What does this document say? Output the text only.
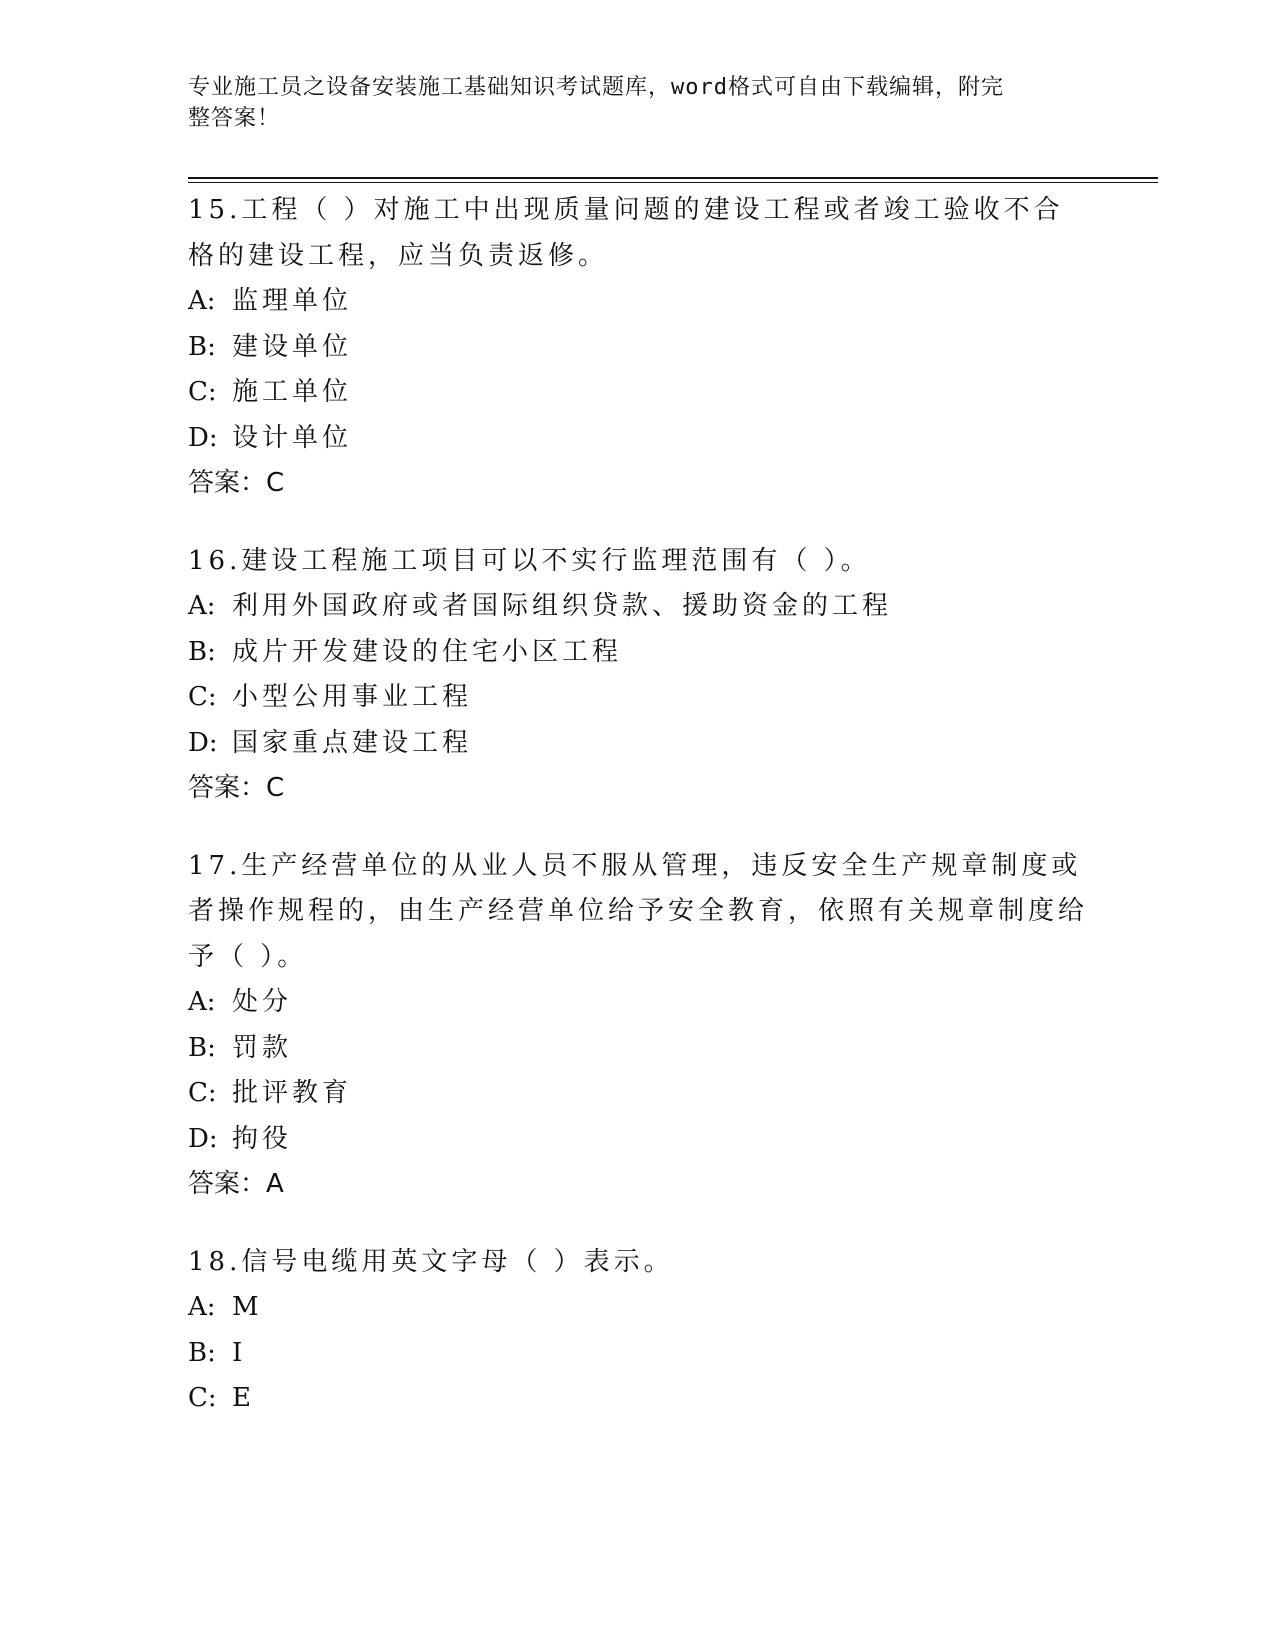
专业施工员之设备安装施工基础知识考试题库，word格式可自由下载编辑，附完
整答案！

15.工程（ ）对施工中出现质量问题的建设工程或者竣工验收不合格的建设工程，应当负责返修。

A: 监理单位
B: 建设单位
C: 施工单位
D: 设计单位

答案：C

16.建设工程施工项目可以不实行监理范围有（ ）。

A: 利用外国政府或者国际组织贷款、援助资金的工程
B: 成片开发建设的住宅小区工程
C: 小型公用事业工程
D: 国家重点建设工程

答案：C

17.生产经营单位的从业人员不服从管理，违反安全生产规章制度或者操作规程的，由生产经营单位给予安全教育，依照有关规章制度给予（ ）。

A: 处分
B: 罚款
C: 批评教育
D: 拘役

答案：A

18.信号电缆用英文字母（ ）表示。

A: M
B: I
C: E
